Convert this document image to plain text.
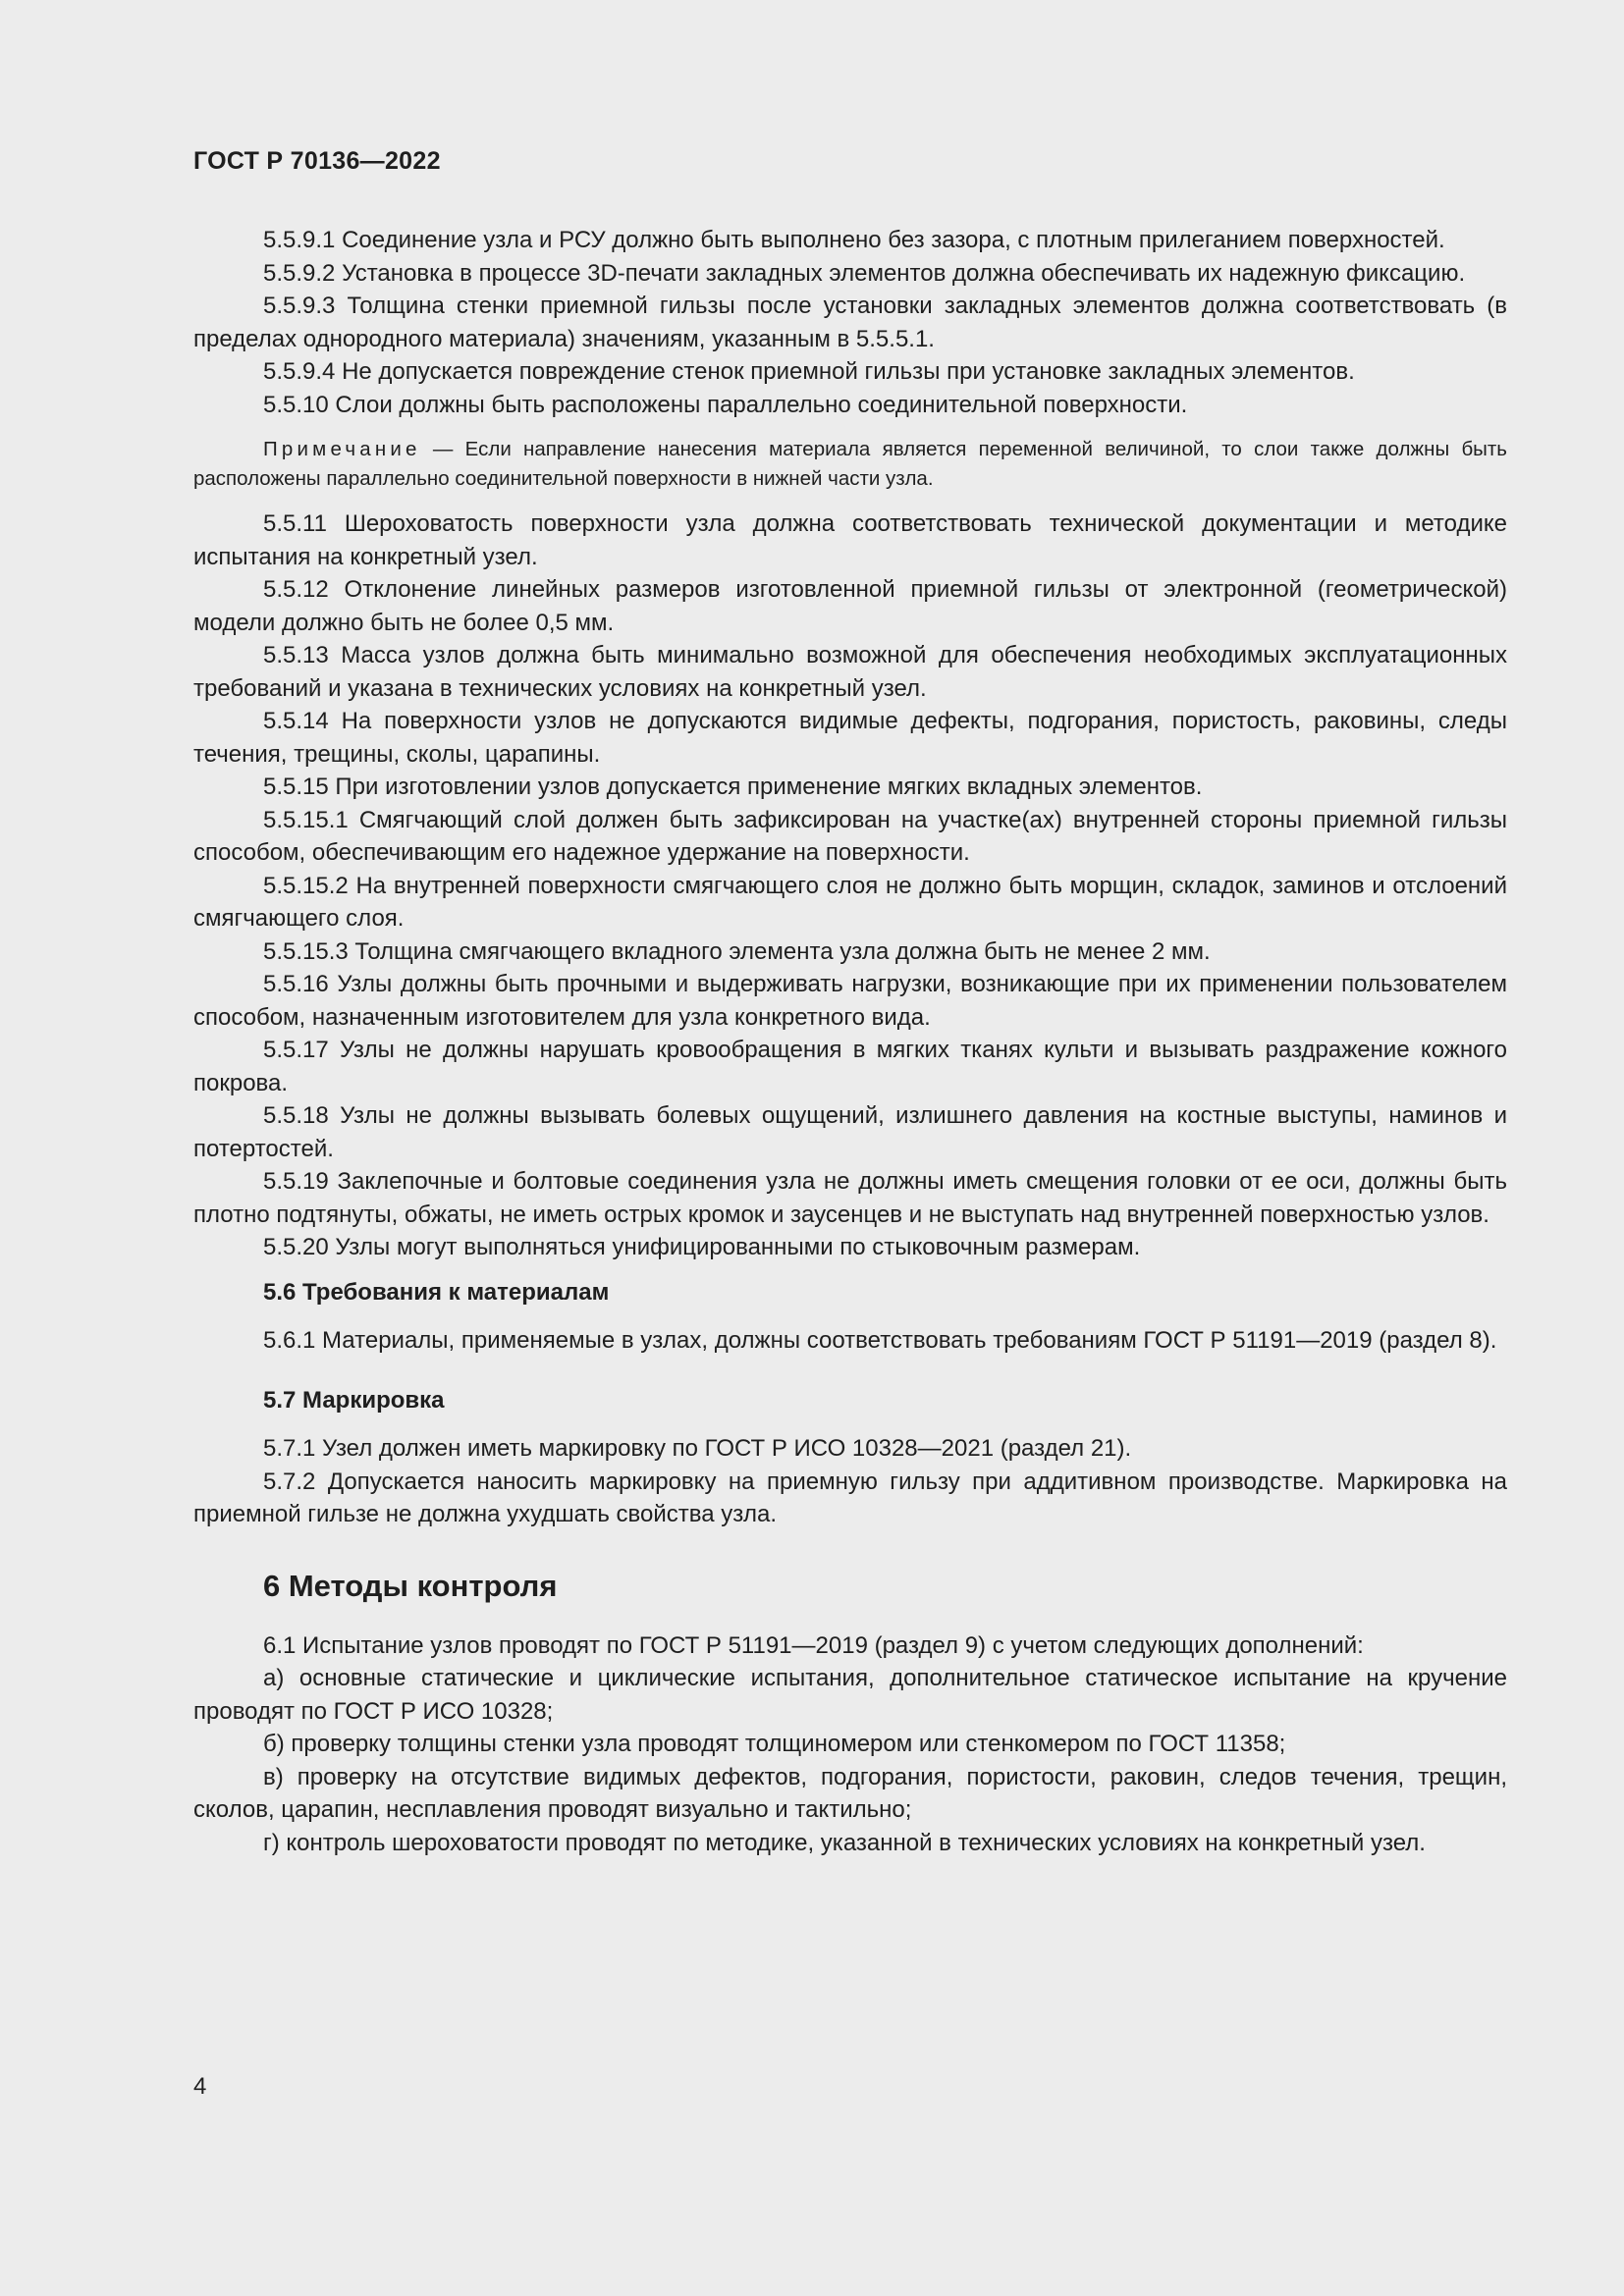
ГОСТ Р 70136—2022

5.5.9.1 Соединение узла и РСУ должно быть выполнено без зазора, с плотным прилеганием поверхностей.

5.5.9.2 Установка в процессе 3D-печати закладных элементов должна обеспечивать их надежную фиксацию.

5.5.9.3 Толщина стенки приемной гильзы после установки закладных элементов должна соответствовать (в пределах однородного материала) значениям, указанным в 5.5.5.1.

5.5.9.4 Не допускается повреждение стенок приемной гильзы при установке закладных элементов.

5.5.10 Слои должны быть расположены параллельно соединительной поверхности.

Примечание — Если направление нанесения материала является переменной величиной, то слои также должны быть расположены параллельно соединительной поверхности в нижней части узла.

5.5.11 Шероховатость поверхности узла должна соответствовать технической документации и методике испытания на конкретный узел.

5.5.12 Отклонение линейных размеров изготовленной приемной гильзы от электронной (геометрической) модели должно быть не более 0,5 мм.

5.5.13 Масса узлов должна быть минимально возможной для обеспечения необходимых эксплуатационных требований и указана в технических условиях на конкретный узел.

5.5.14 На поверхности узлов не допускаются видимые дефекты, подгорания, пористость, раковины, следы течения, трещины, сколы, царапины.

5.5.15 При изготовлении узлов допускается применение мягких вкладных элементов.

5.5.15.1 Смягчающий слой должен быть зафиксирован на участке(ах) внутренней стороны приемной гильзы способом, обеспечивающим его надежное удержание на поверхности.

5.5.15.2 На внутренней поверхности смягчающего слоя не должно быть морщин, складок, заминов и отслоений смягчающего слоя.

5.5.15.3 Толщина смягчающего вкладного элемента узла должна быть не менее 2 мм.

5.5.16 Узлы должны быть прочными и выдерживать нагрузки, возникающие при их применении пользователем способом, назначенным изготовителем для узла конкретного вида.

5.5.17 Узлы не должны нарушать кровообращения в мягких тканях культи и вызывать раздражение кожного покрова.

5.5.18 Узлы не должны вызывать болевых ощущений, излишнего давления на костные выступы, наминов и потертостей.

5.5.19 Заклепочные и болтовые соединения узла не должны иметь смещения головки от ее оси, должны быть плотно подтянуты, обжаты, не иметь острых кромок и заусенцев и не выступать над внутренней поверхностью узлов.

5.5.20 Узлы могут выполняться унифицированными по стыковочным размерам.

5.6 Требования к материалам

5.6.1 Материалы, применяемые в узлах, должны соответствовать требованиям ГОСТ Р 51191—2019 (раздел 8).

5.7 Маркировка

5.7.1 Узел должен иметь маркировку по ГОСТ Р ИСО 10328—2021 (раздел 21).

5.7.2 Допускается наносить маркировку на приемную гильзу при аддитивном производстве. Маркировка на приемной гильзе не должна ухудшать свойства узла.

6 Методы контроля

6.1 Испытание узлов проводят по ГОСТ Р 51191—2019 (раздел 9) с учетом следующих дополнений:

а) основные статические и циклические испытания, дополнительное статическое испытание на кручение проводят по ГОСТ Р ИСО 10328;

б) проверку толщины стенки узла проводят толщиномером или стенкомером по ГОСТ 11358;

в) проверку на отсутствие видимых дефектов, подгорания, пористости, раковин, следов течения, трещин, сколов, царапин, несплавления проводят визуально и тактильно;

г) контроль шероховатости проводят по методике, указанной в технических условиях на конкретный узел.

4
